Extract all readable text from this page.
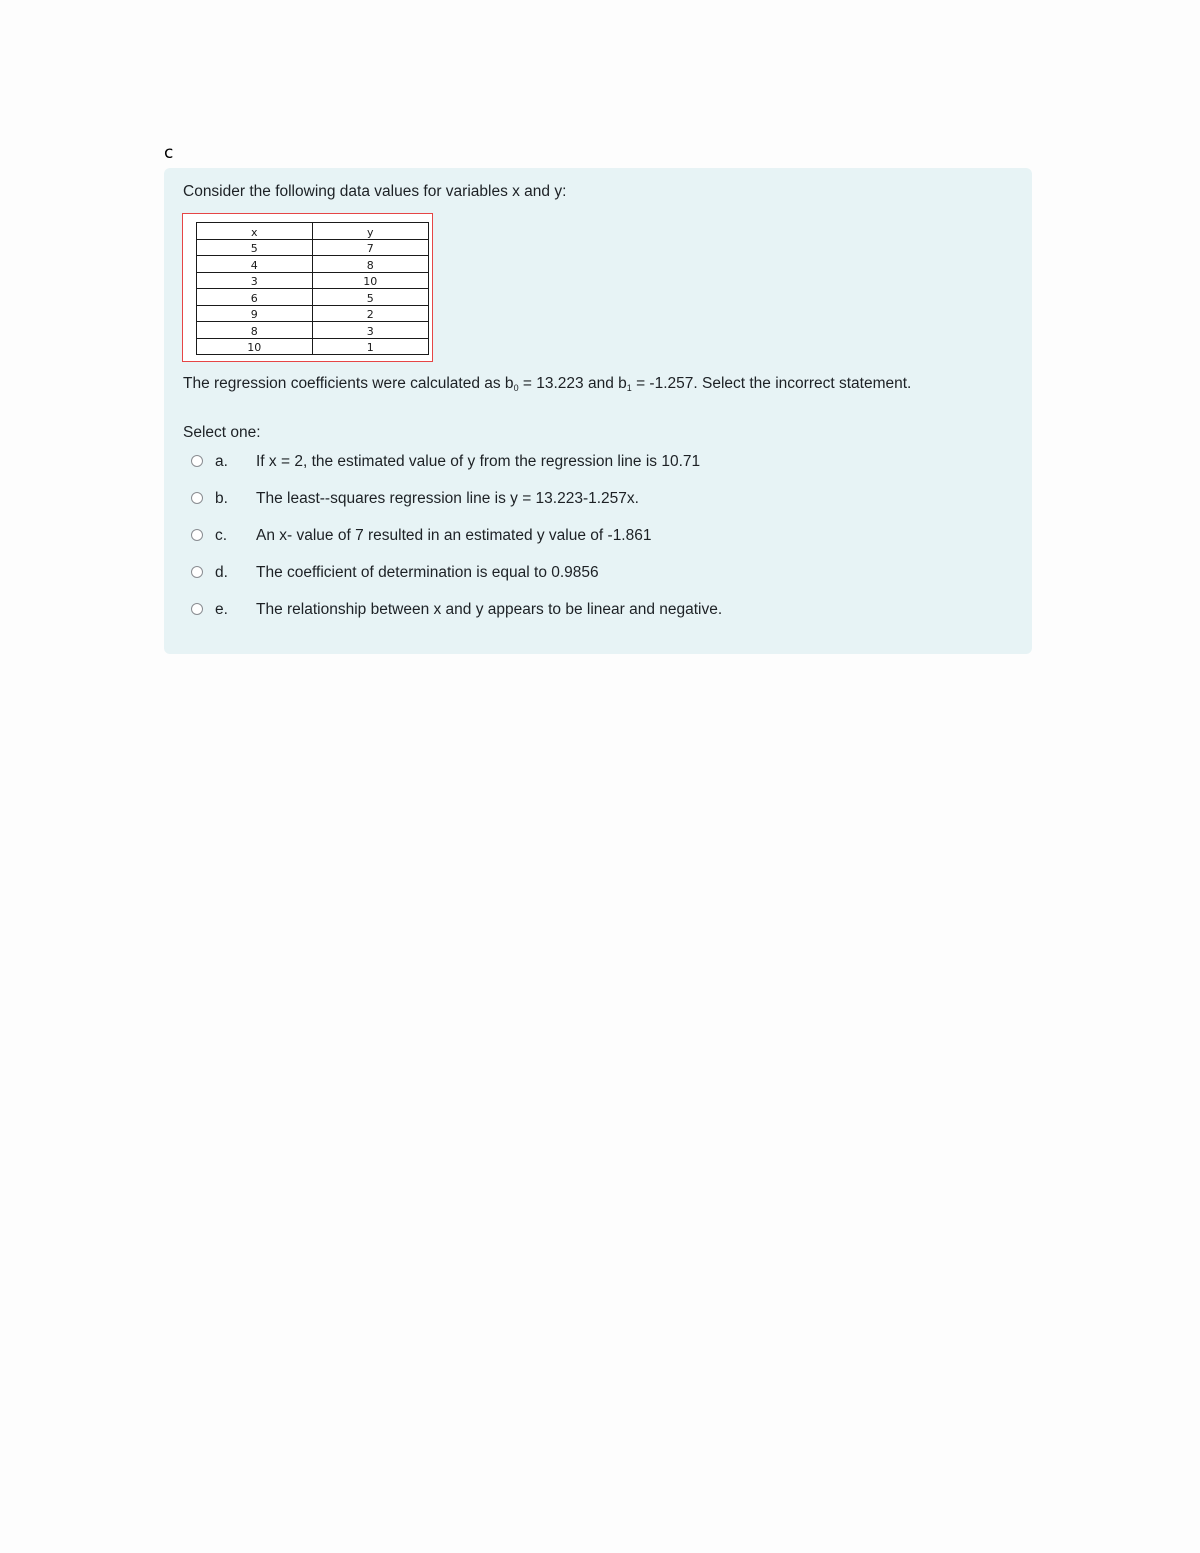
c
Consider the following data values for variables x and y:
x	y
5	7
4	8
3	10
6	5
9	2
8	3
10	1
The regression coefficients were calculated as $b_0 = 13.223$ and $b_1 = -1.257$. Select the incorrect statement.
Select one:
a.	If x = 2, the estimated value of y from the regression line is 10.71
b.	The least--squares regression line is y = 13.223-1.257x.
c.	An x- value of 7 resulted in an estimated y value of -1.861
d.	The coefficient of determination is equal to 0.9856
e.	The relationship between x and y appears to be linear and negative.
